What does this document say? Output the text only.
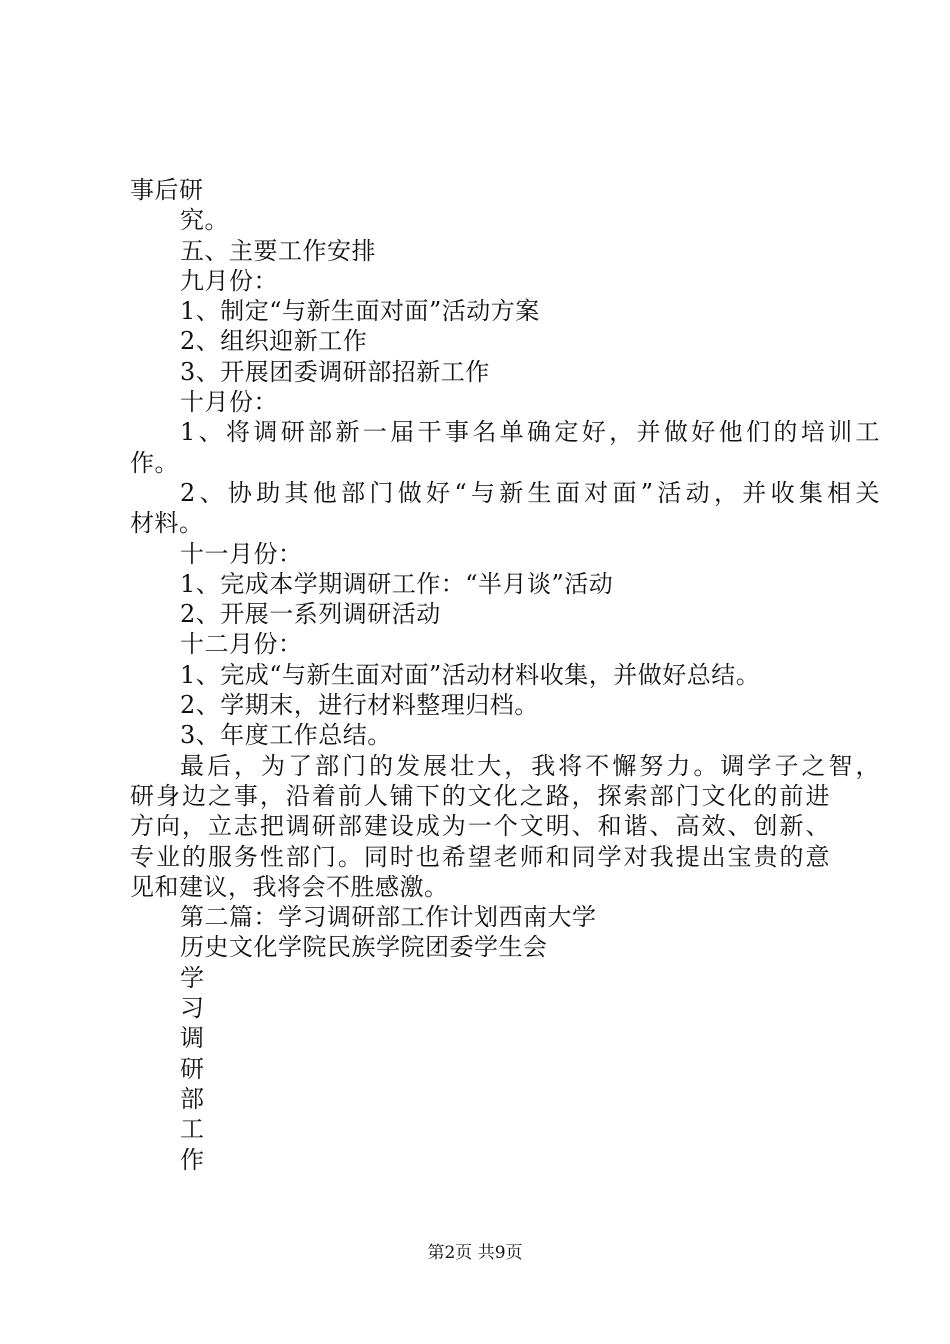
事后研
究。
五、主要工作安排
九月份：
1、制定“与新生面对面”活动方案
2、组织迎新工作
3、开展团委调研部招新工作
十月份：
1、将调研部新一届干事名单确定好，并做好他们的培训工
作。
2、协助其他部门做好“与新生面对面”活动，并收集相关
材料。
十一月份：
1、完成本学期调研工作：“半月谈”活动
2、开展一系列调研活动
十二月份：
1、完成“与新生面对面”活动材料收集，并做好总结。
2、学期末，进行材料整理归档。
3、年度工作总结。
最后，为了部门的发展壮大，我将不懈努力。调学子之智，
研身边之事，沿着前人铺下的文化之路，探索部门文化的前进
方向，立志把调研部建设成为一个文明、和谐、高效、创新、
专业的服务性部门。同时也希望老师和同学对我提出宝贵的意
见和建议，我将会不胜感激。
第二篇：学习调研部工作计划西南大学
历史文化学院民族学院团委学生会
学
习
调
研
部
工
作
第2页 共9页
